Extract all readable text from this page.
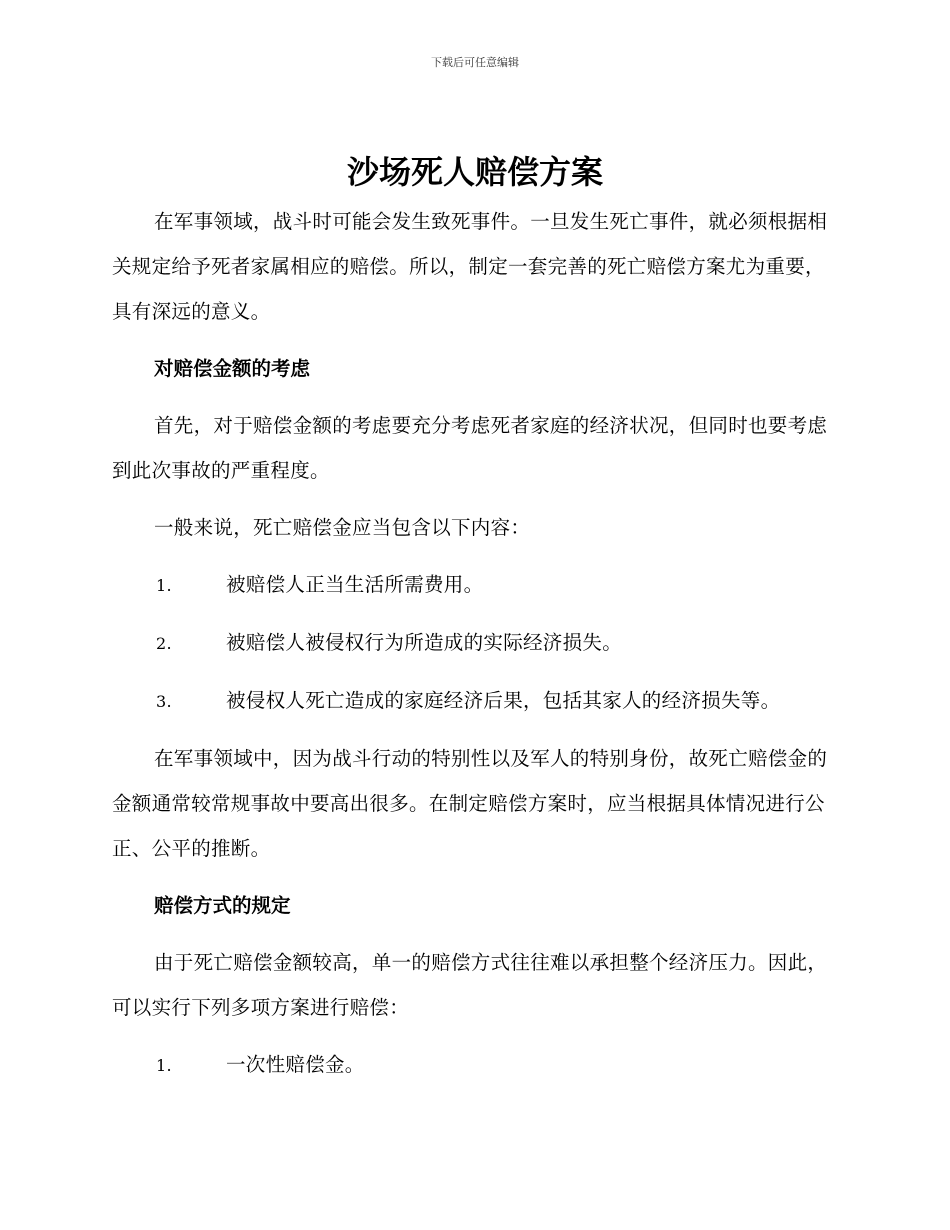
下载后可任意编辑
沙场死人赔偿方案

在军事领域，战斗时可能会发生致死事件。一旦发生死亡事件，就必须根据相关规定给予死者家属相应的赔偿。所以，制定一套完善的死亡赔偿方案尤为重要，具有深远的意义。

对赔偿金额的考虑

首先，对于赔偿金额的考虑要充分考虑死者家庭的经济状况，但同时也要考虑到此次事故的严重程度。

一般来说，死亡赔偿金应当包含以下内容：

1.	被赔偿人正当生活所需费用。
2.	被赔偿人被侵权行为所造成的实际经济损失。
3.	被侵权人死亡造成的家庭经济后果，包括其家人的经济损失等。

在军事领域中，因为战斗行动的特别性以及军人的特别身份，故死亡赔偿金的金额通常较常规事故中要高出很多。在制定赔偿方案时，应当根据具体情况进行公正、公平的推断。

赔偿方式的规定

由于死亡赔偿金额较高，单一的赔偿方式往往难以承担整个经济压力。因此，可以实行下列多项方案进行赔偿：

1.	一次性赔偿金。
